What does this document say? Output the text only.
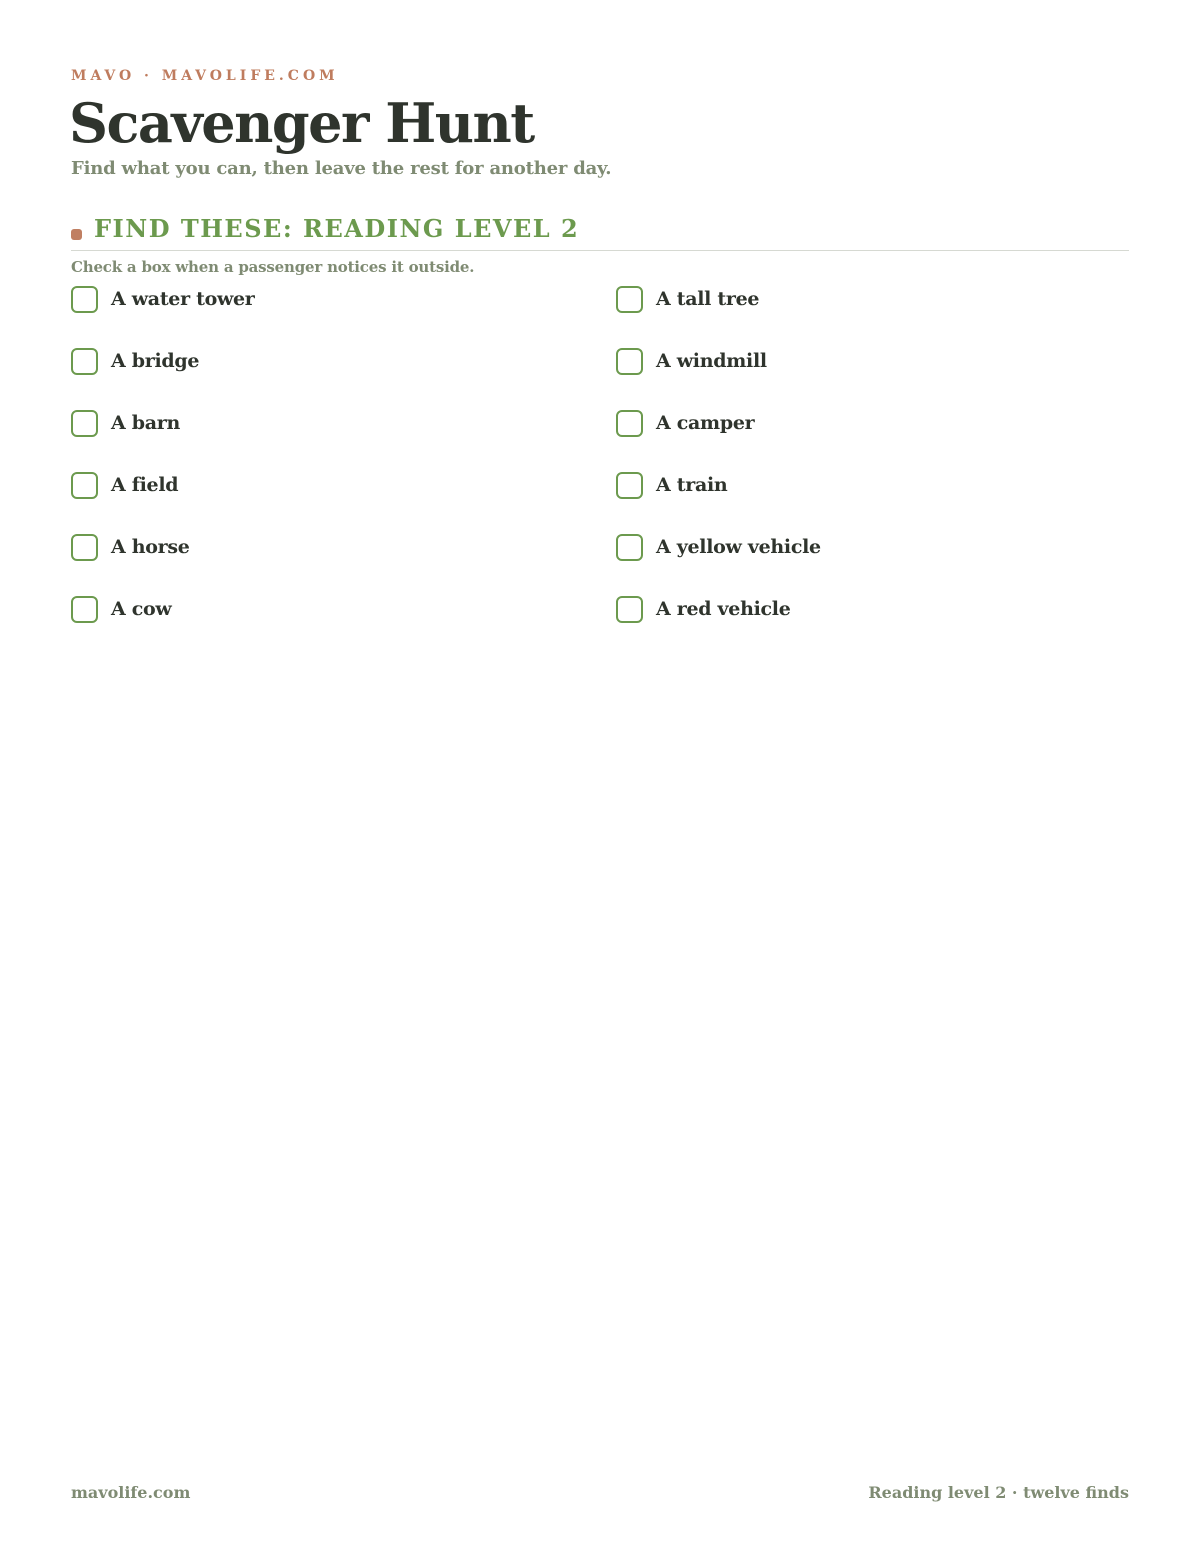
MAVO · MAVOLIFE.COM
Scavenger Hunt
Find what you can, then leave the rest for another day.
FIND THESE: READING LEVEL 2
Check a box when a passenger notices it outside.
A water tower
A bridge
A barn
A field
A horse
A cow
A tall tree
A windmill
A camper
A train
A yellow vehicle
A red vehicle
mavolife.com	Reading level 2 · twelve finds
